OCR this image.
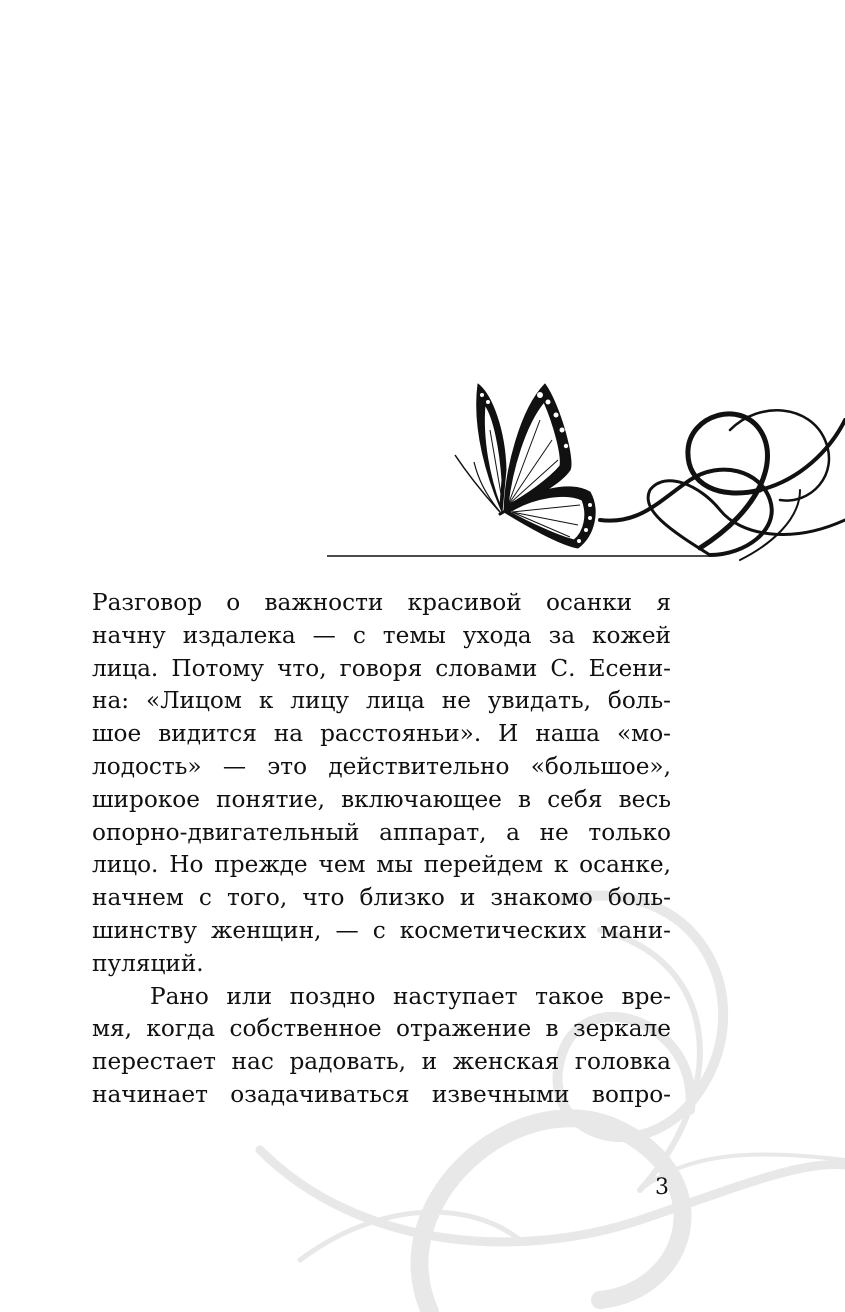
Разговор о важности красивой осанки я
начну издалека — с темы ухода за кожей
лица. Потому что, говоря словами С. Есени-
на: «Лицом к лицу лица не увидать, боль-
шое видится на расстояньи». И наша «мо-
лодость» — это действительно «большое»,
широкое понятие, включающее в себя весь
опорно-двигательный аппарат, а не только
лицо. Но прежде чем мы перейдем к осанке,
начнем с того, что близко и знакомо боль-
шинству женщин, — с косметических мани-
пуляций.

Рано или поздно наступает такое вре-
мя, когда собственное отражение в зеркале
перестает нас радовать, и женская головка
начинает озадачиваться извечными вопро-

3
